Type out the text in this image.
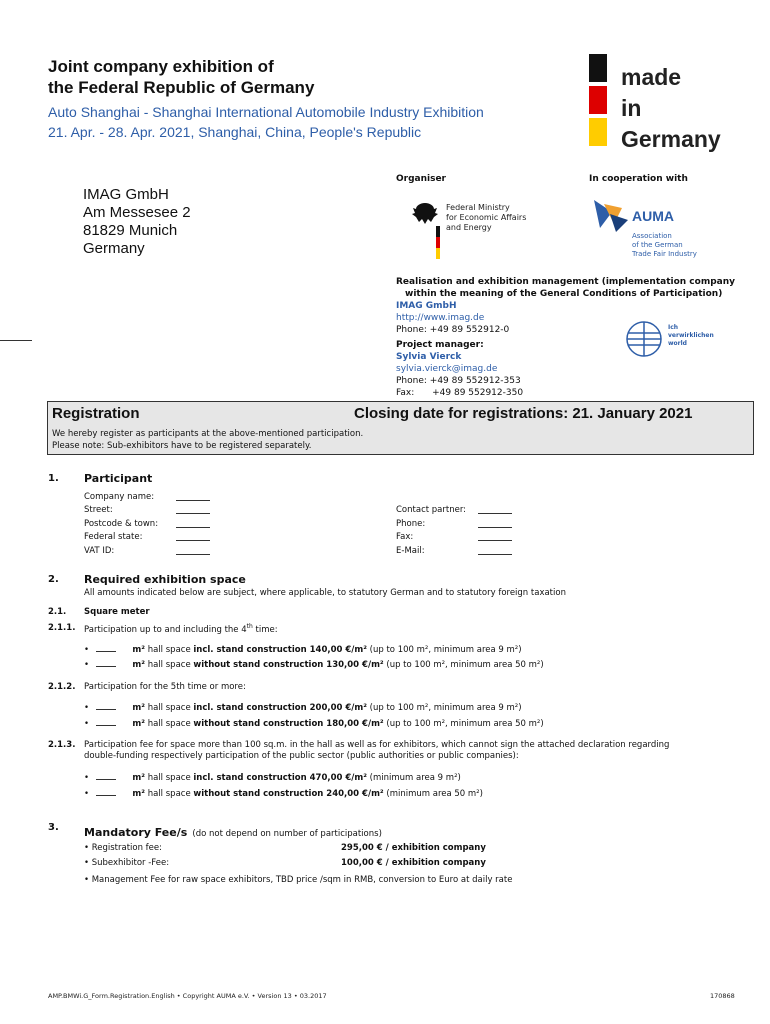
Joint company exhibition of
the Federal Republic of Germany
Auto Shanghai - Shanghai International Automobile Industry Exhibition
21. Apr. - 28. Apr. 2021, Shanghai, China, People's Republic
made
in
Germany
Organiser	In cooperation with
IMAG GmbH
Am Messesee 2
81829 Munich
Germany
Federal Ministry
for Economic Affairs
and Energy
AUMA
Association
of the German
Trade Fair Industry
Realisation and exhibition management (implementation company
within the meaning of the General Conditions of Participation)
IMAG GmbH
http://www.imag.de
Phone: +49 89 552912-0
Project manager:
Sylvia Vierck
sylvia.vierck@imag.de
Phone: +49 89 552912-353
Fax: +49 89 552912-350
Ich
verwirklichen
world
Registration	Closing date for registrations: 21. January 2021
We hereby register as participants at the above-mentioned participation.
Please note: Sub-exhibitors have to be registered separately.
1. Participant
Company name:
Street:
Postcode & town:
Federal state:
VAT ID:
Contact partner:
Phone:
Fax:
E-Mail:
2. Required exhibition space
All amounts indicated below are subject, where applicable, to statutory German and to statutory foreign taxation
2.1. Square meter
2.1.1. Participation up to and including the 4th time:
•	m² hall space incl. stand construction 140,00 €/m² (up to 100 m², minimum area 9 m²)
•	m² hall space without stand construction 130,00 €/m² (up to 100 m², minimum area 50 m²)
2.1.2. Participation for the 5th time or more:
•	m² hall space incl. stand construction 200,00 €/m² (up to 100 m², minimum area 9 m²)
•	m² hall space without stand construction 180,00 €/m² (up to 100 m², minimum area 50 m²)
2.1.3. Participation fee for space more than 100 sq.m. in the hall as well as for exhibitors, which cannot sign the attached declaration regarding
double-funding respectively participation of the public sector (public authorities or public companies):
•	m² hall space incl. stand construction 470,00 €/m² (minimum area 9 m²)
•	m² hall space without stand construction 240,00 €/m² (minimum area 50 m²)
3. Mandatory Fee/s (do not depend on number of participations)
• Registration fee:	295,00 € / exhibition company
• Subexhibitor -Fee:	100,00 € / exhibition company
• Management Fee for raw space exhibitors, TBD price /sqm in RMB, conversion to Euro at daily rate
AMP.BMWi.G_Form.Registration.English • Copyright AUMA e.V. • Version 13 • 03.2017	170868
